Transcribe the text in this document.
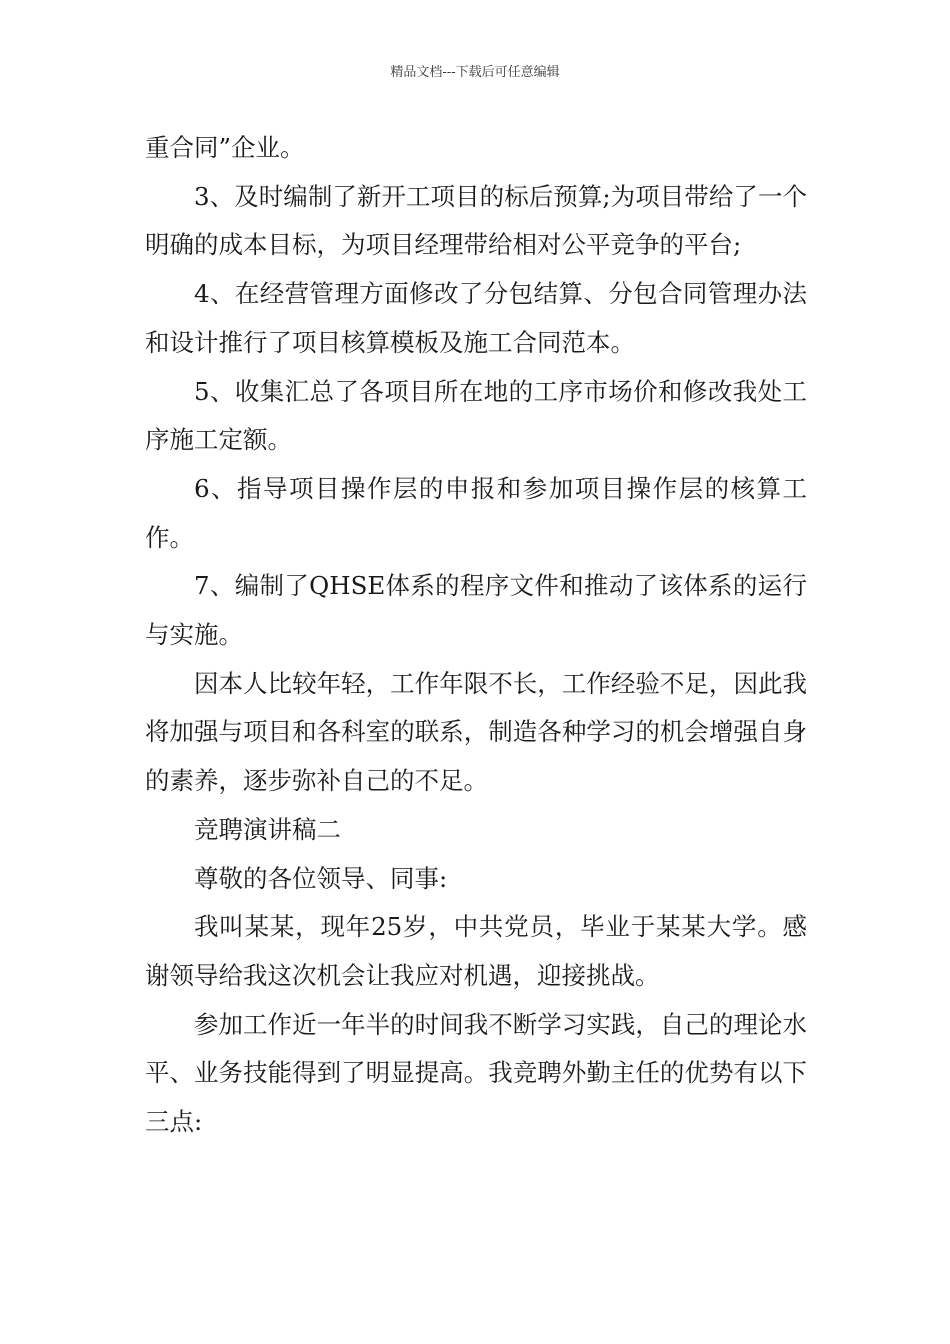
精品文档---下载后可任意编辑

重合同”企业。

3、及时编制了新开工项目的标后预算;为项目带给了一个明确的成本目标，为项目经理带给相对公平竞争的平台;

4、在经营管理方面修改了分包结算、分包合同管理办法和设计推行了项目核算模板及施工合同范本。

5、收集汇总了各项目所在地的工序市场价和修改我处工序施工定额。

6、指导项目操作层的申报和参加项目操作层的核算工作。

7、编制了QHSE体系的程序文件和推动了该体系的运行与实施。

因本人比较年轻，工作年限不长，工作经验不足，因此我将加强与项目和各科室的联系，制造各种学习的机会增强自身的素养，逐步弥补自己的不足。

竞聘演讲稿二

尊敬的各位领导、同事:

我叫某某，现年25岁，中共党员，毕业于某某大学。感谢领导给我这次机会让我应对机遇，迎接挑战。

参加工作近一年半的时间我不断学习实践，自己的理论水平、业务技能得到了明显提高。我竞聘外勤主任的优势有以下三点:
